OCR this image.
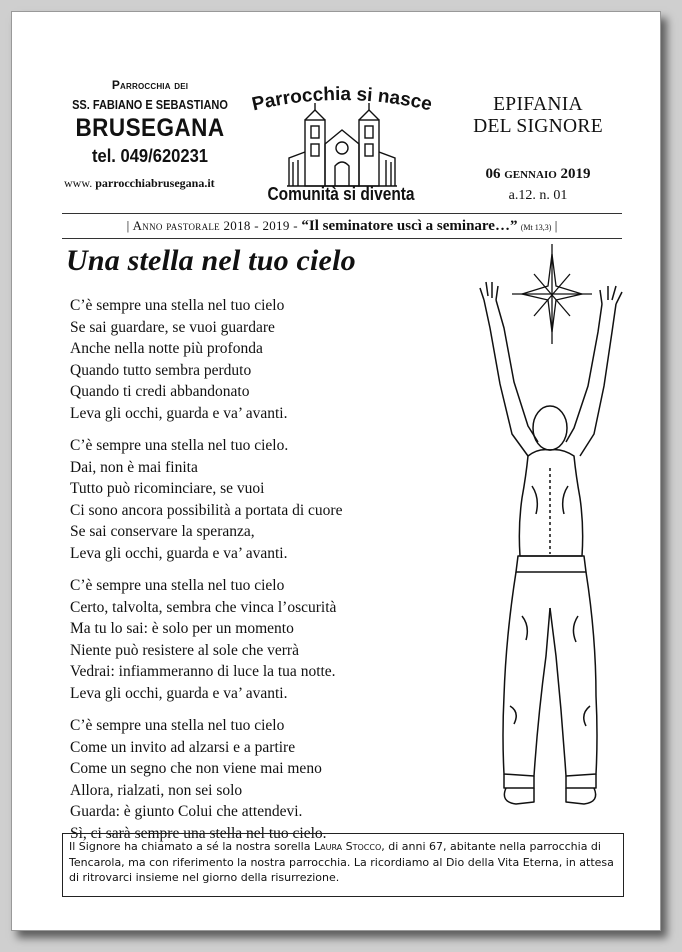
Parrocchia dei
SS. FABIANO E SEBASTIANO
BRUSEGANA
tel. 049/620231
www. parrocchiabrusegana.it
Parrocchia si nasce
Comunità si diventa
EPIFANIA
DEL SIGNORE
06 gennaio 2019
a.12. n. 01
| Anno pastorale 2018 - 2019 - “Il seminatore uscì a seminare…” (Mt 13,3) |
Una stella nel tuo cielo
C’è sempre una stella nel tuo cielo
Se sai guardare, se vuoi guardare
Anche nella notte più profonda
Quando tutto sembra perduto
Quando ti credi abbandonato
Leva gli occhi, guarda e va’ avanti.
C’è sempre una stella nel tuo cielo.
Dai, non è mai finita
Tutto può ricominciare, se vuoi
Ci sono ancora possibilità a portata di cuore
Se sai conservare la speranza,
Leva gli occhi, guarda e va’ avanti.
C’è sempre una stella nel tuo cielo
Certo, talvolta, sembra che vinca l’oscurità
Ma tu lo sai: è solo per un momento
Niente può resistere al sole che verrà
Vedrai: infiammeranno di luce la tua notte.
Leva gli occhi, guarda e va’ avanti.
C’è sempre una stella nel tuo cielo
Come un invito ad alzarsi e a partire
Come un segno che non viene mai meno
Allora, rialzati, non sei solo
Guarda: è giunto Colui che attendevi.
Sì, ci sarà sempre una stella nel tuo cielo.
Il Signore ha chiamato a sé la nostra sorella Laura Stocco, di anni 67, abitante nella parrocchia di Tencarola, ma con riferimento la nostra parrocchia. La ricordiamo al Dio della Vita Eterna, in attesa di ritrovarci insieme nel giorno della risurrezione.
